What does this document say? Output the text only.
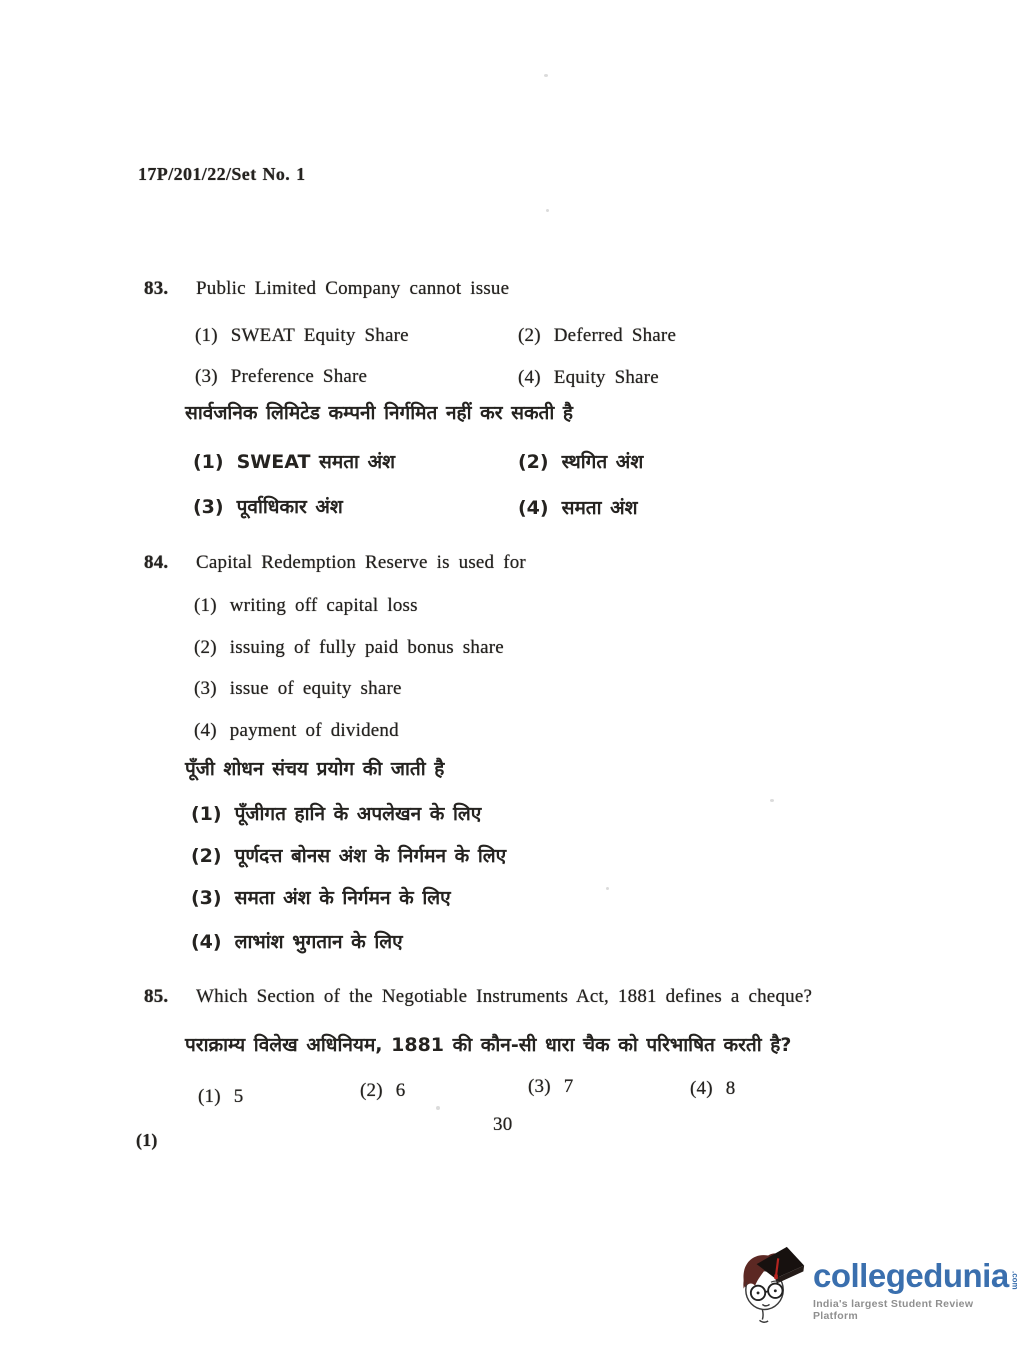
17P/201/22/Set No. 1
83. Public Limited Company cannot issue
(1) SWEAT Equity Share	(2) Deferred Share
(3) Preference Share	(4) Equity Share
सार्वजनिक लिमिटेड कम्पनी निर्गमित नहीं कर सकती है
(1) SWEAT समता अंश	(2) स्थगित अंश
(3) पूर्वाधिकार अंश	(4) समता अंश
84. Capital Redemption Reserve is used for
(1) writing off capital loss
(2) issuing of fully paid bonus share
(3) issue of equity share
(4) payment of dividend
पूँजी शोधन संचय प्रयोग की जाती है
(1) पूँजीगत हानि के अपलेखन के लिए
(2) पूर्णदत्त बोनस अंश के निर्गमन के लिए
(3) समता अंश के निर्गमन के लिए
(4) लाभांश भुगतान के लिए
85. Which Section of the Negotiable Instruments Act, 1881 defines a cheque?
पराक्राम्य विलेख अधिनियम, 1881 की कौन-सी धारा चैक को परिभाषित करती है?
(1) 5	(2) 6	(3) 7	(4) 8
30
(1)
collegedunia .com
India's largest Student Review Platform
